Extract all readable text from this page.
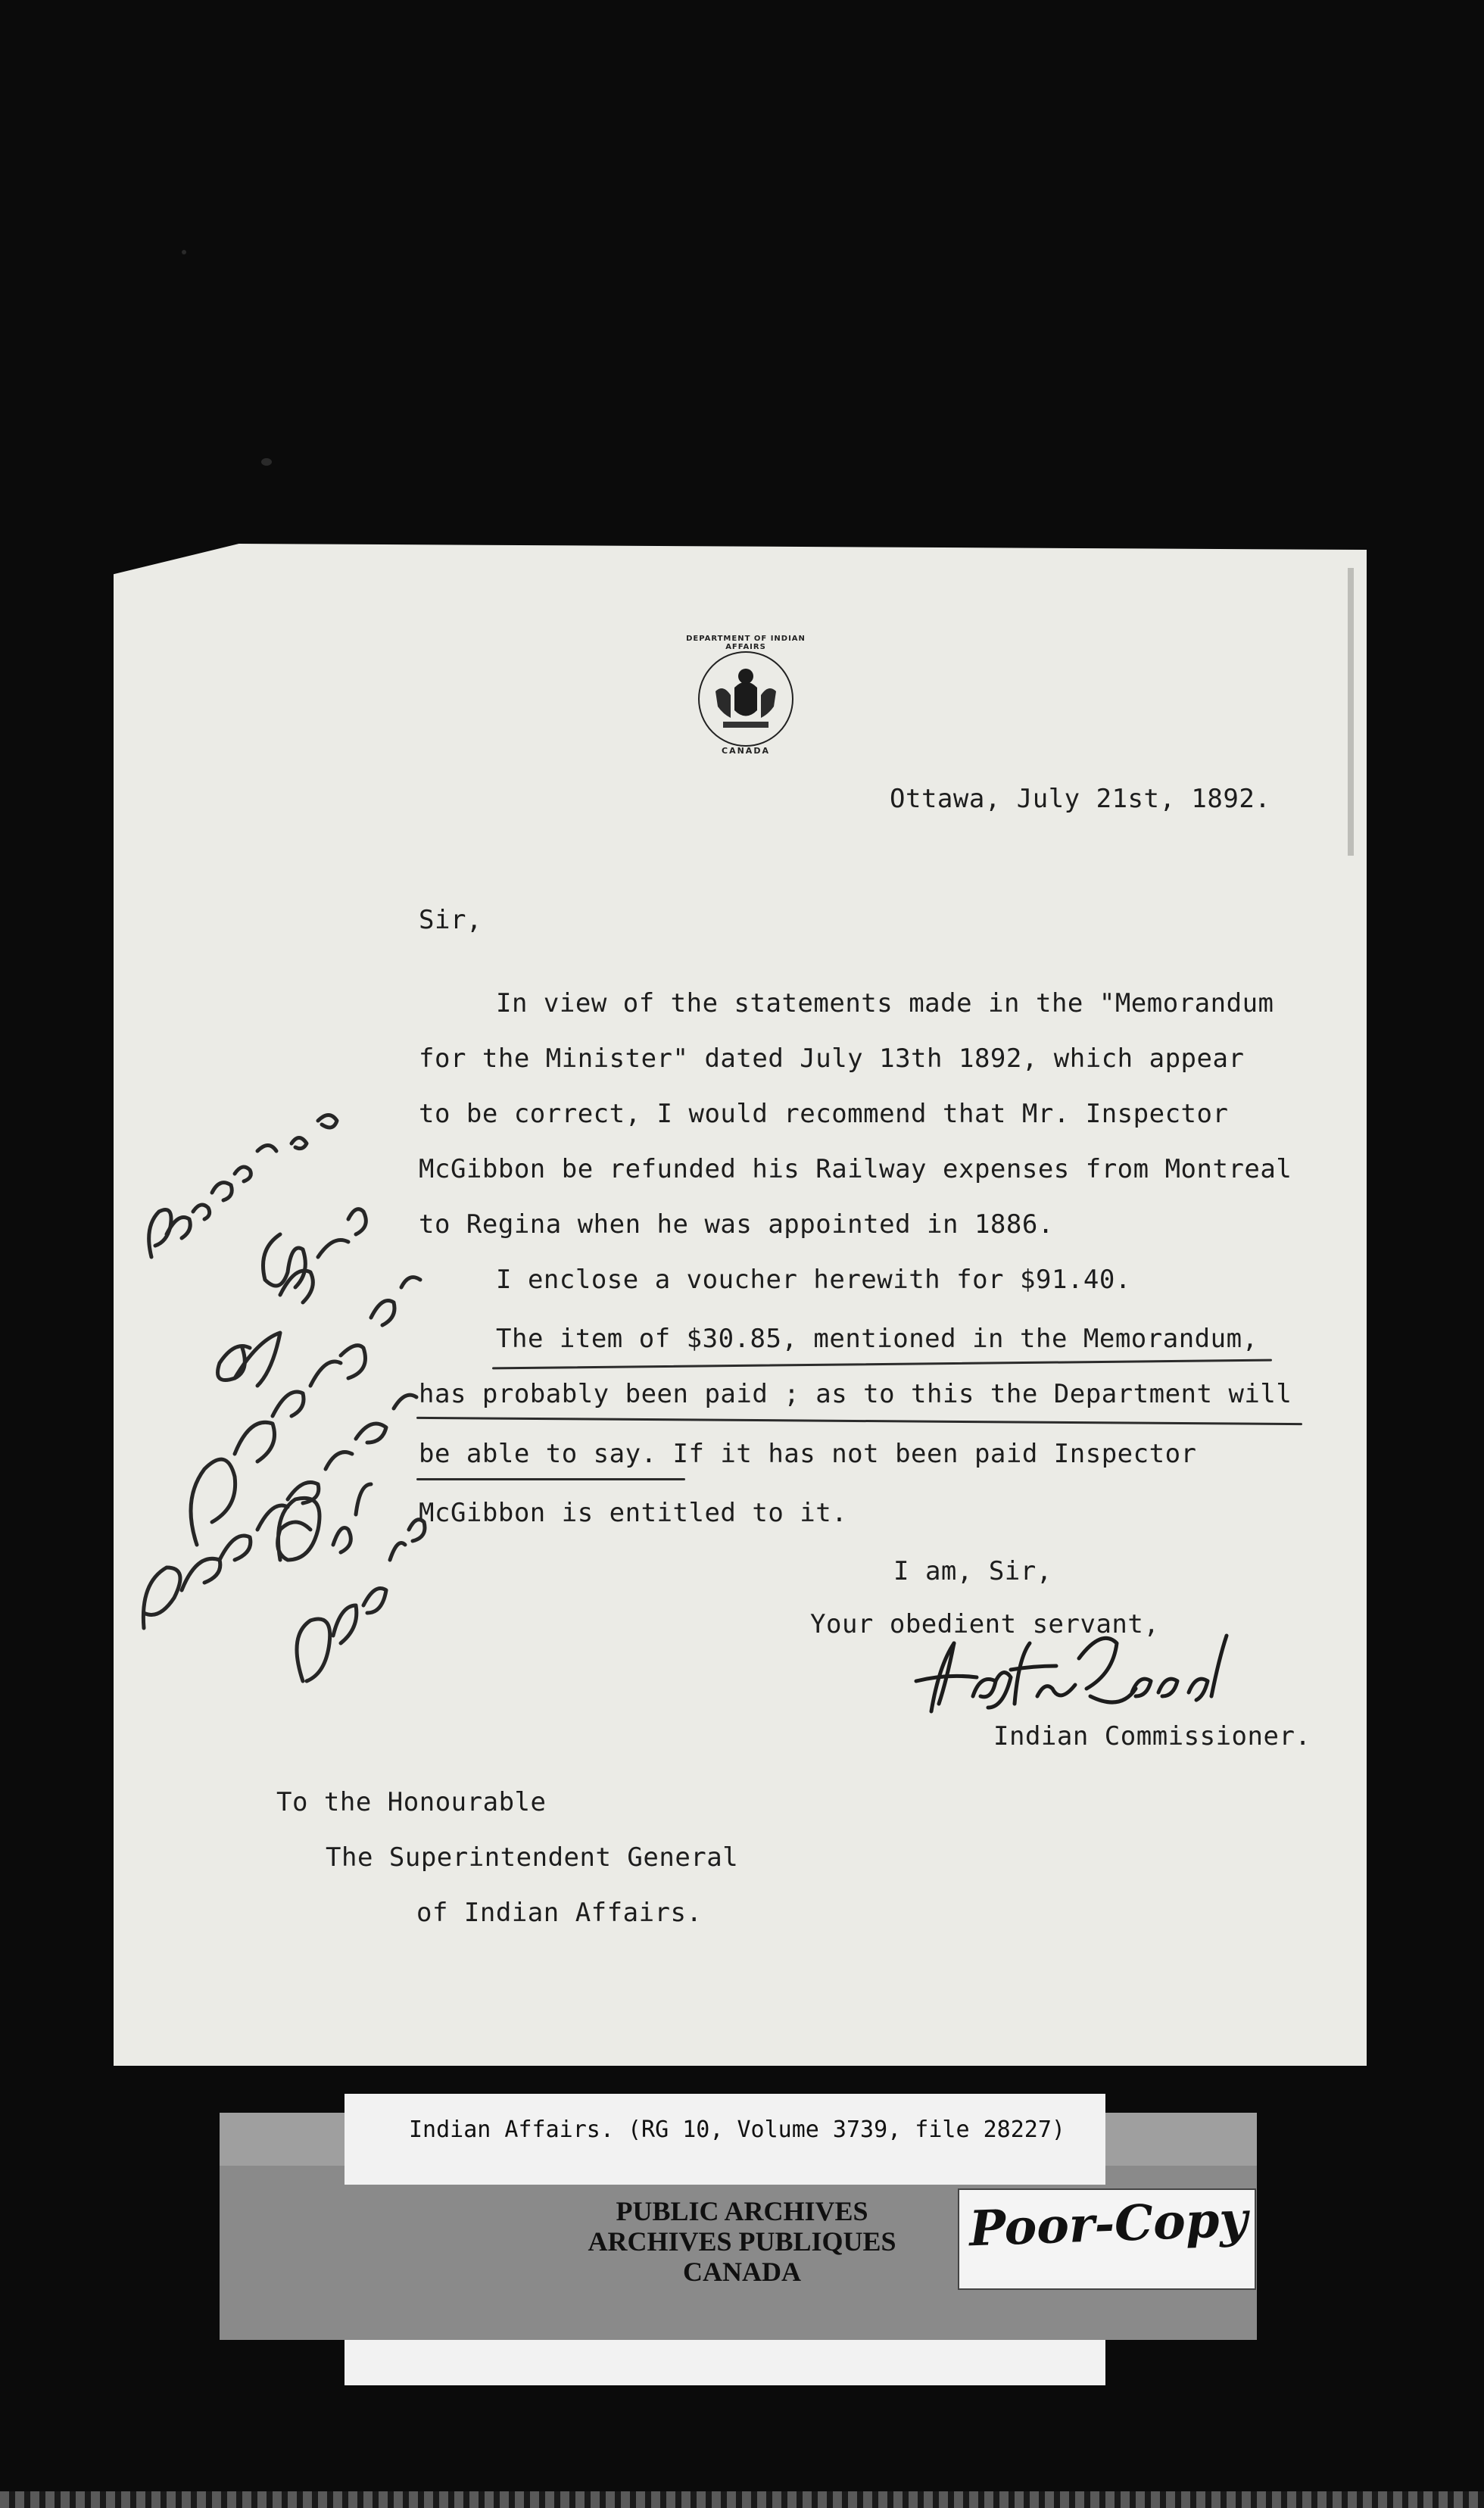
DEPARTMENT OF INDIAN AFFAIRS
CANADA
Ottawa, July 21st, 1892.
Sir,
In view of the statements made in the "Memorandum
for the Minister" dated July 13th 1892, which appear
to be correct, I would recommend that Mr. Inspector
McGibbon be refunded his Railway expenses from Montreal
to Regina when he was appointed in 1886.
I enclose a voucher herewith for $91.40.
The item of $30.85, mentioned in the Memorandum,
has probably been paid ; as to this the Department will
be able to say. If it has not been paid Inspector
McGibbon is entitled to it.
I am, Sir,
Your obedient servant,
Indian Commissioner.
To the Honourable
The Superintendent General
of Indian Affairs.
Indian Affairs. (RG 10, Volume 3739, file 28227)
PUBLIC ARCHIVES
ARCHIVES PUBLIQUES
CANADA
Poor-Copy
